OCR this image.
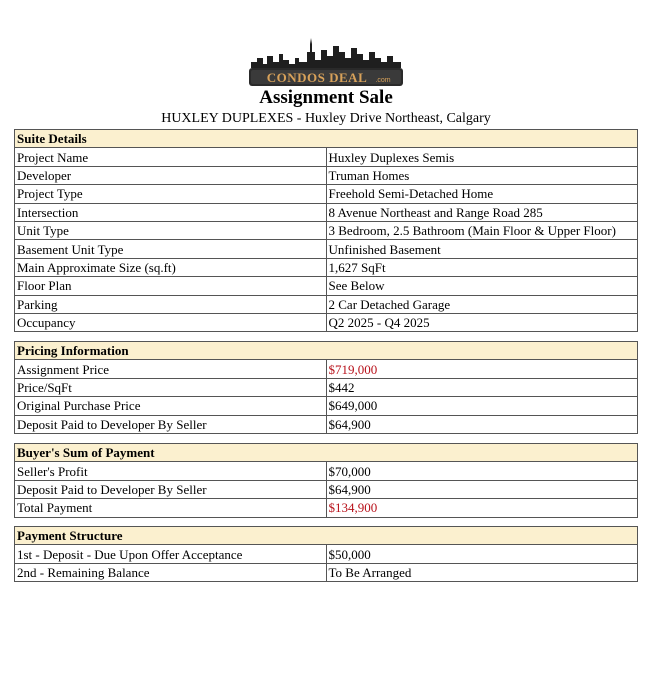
CONDOS DEAL .com
Assignment Sale
HUXLEY DUPLEXES - Huxley Drive Northeast, Calgary
Suite Details	
Project Name	Huxley Duplexes Semis
Developer	Truman Homes
Project Type	Freehold Semi-Detached Home
Intersection	8 Avenue Northeast and Range Road 285
Unit Type	3 Bedroom, 2.5 Bathroom (Main Floor & Upper Floor)
Basement Unit Type	Unfinished Basement
Main Approximate Size (sq.ft)	1,627 SqFt
Floor Plan	See Below
Parking	2 Car Detached Garage
Occupancy	Q2 2025 - Q4 2025
Pricing Information	
Assignment Price	$719,000
Price/SqFt	$442
Original Purchase Price	$649,000
Deposit Paid to Developer By Seller	$64,900
Buyer's Sum of Payment	
Seller's Profit	$70,000
Deposit Paid to Developer By Seller	$64,900
Total Payment	$134,900
Payment Structure	
1st - Deposit - Due Upon Offer Acceptance	$50,000
2nd - Remaining Balance	To Be Arranged
